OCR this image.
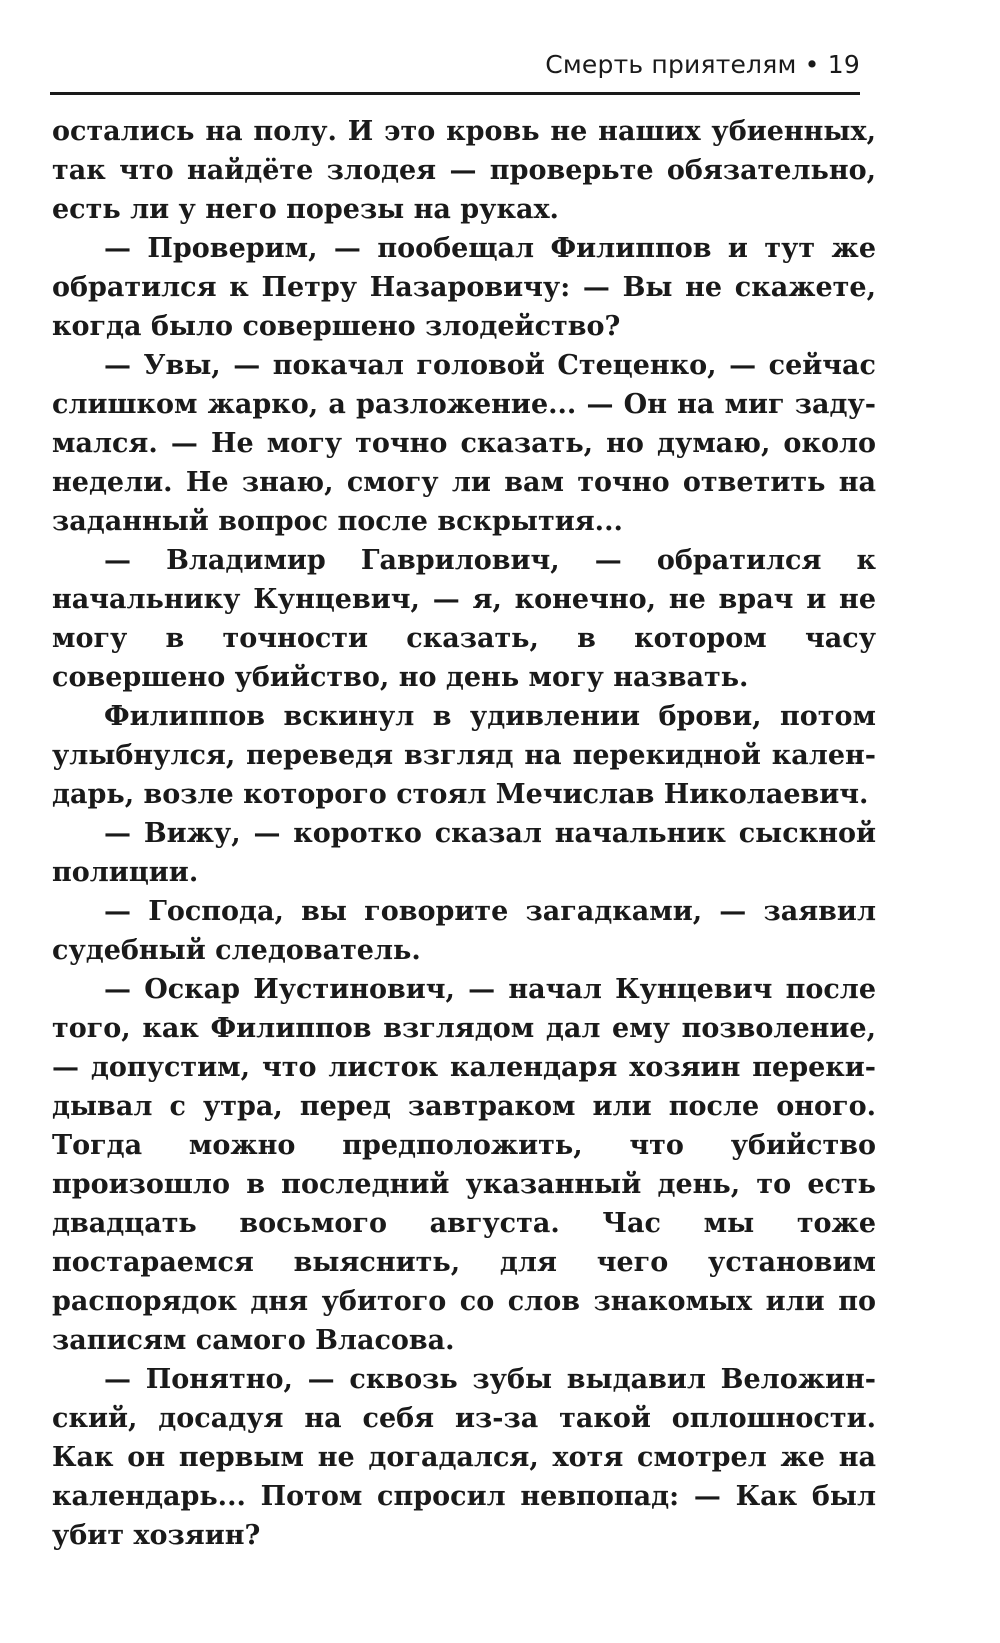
Смерть приятелям • 19

остались на полу. И это кровь не наших убиенных, так что найдёте злодея — проверьте обязательно, есть ли у него порезы на руках.

— Проверим, — пообещал Филиппов и тут же обратился к Петру Назаровичу: — Вы не скажете, когда было совершено злодейство?

— Увы, — покачал головой Стеценко, — сейчас слишком жарко, а разложение... — Он на миг задумался. — Не могу точно сказать, но думаю, около недели. Не знаю, смогу ли вам точно ответить на заданный вопрос после вскрытия...

— Владимир Гаврилович, — обратился к начальнику Кунцевич, — я, конечно, не врач и не могу в точности сказать, в котором часу совершено убийство, но день могу назвать.

Филиппов вскинул в удивлении брови, потом улыбнулся, переведя взгляд на перекидной календарь, возле которого стоял Мечислав Николаевич.

— Вижу, — коротко сказал начальник сыскной полиции.

— Господа, вы говорите загадками, — заявил судебный следователь.

— Оскар Иустинович, — начал Кунцевич после того, как Филиппов взглядом дал ему позволение, — допустим, что листок календаря хозяин перекидывал с утра, перед завтраком или после оного. Тогда можно предположить, что убийство произошло в последний указанный день, то есть двадцать восьмого августа. Час мы тоже постараемся выяснить, для чего установим распорядок дня убитого со слов знакомых или по записям самого Власова.

— Понятно, — сквозь зубы выдавил Веложинский, досадуя на себя из-за такой оплошности. Как он первым не догадался, хотя смотрел же на календарь... Потом спросил невпопад: — Как был убит хозяин?
